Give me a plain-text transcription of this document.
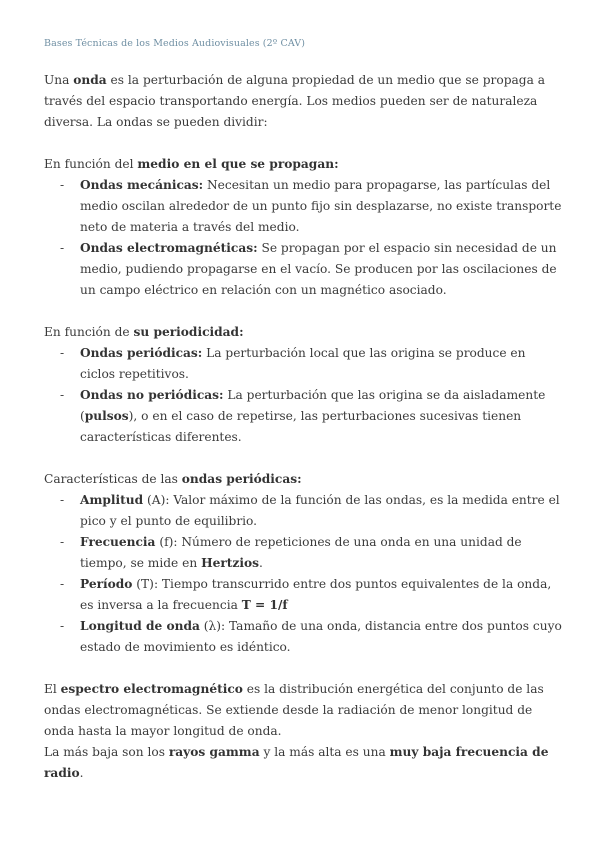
Bases Técnicas de los Medios Audiovisuales (2º CAV)

Una onda es la perturbación de alguna propiedad de un medio que se propaga a través del espacio transportando energía. Los medios pueden ser de naturaleza diversa. La ondas se pueden dividir:

En función del medio en el que se propagan:

- Ondas mecánicas: Necesitan un medio para propagarse, las partículas del medio oscilan alrededor de un punto fijo sin desplazarse, no existe transporte neto de materia a través del medio.
- Ondas electromagnéticas: Se propagan por el espacio sin necesidad de un medio, pudiendo propagarse en el vacío. Se producen por las oscilaciones de un campo eléctrico en relación con un magnético asociado.

En función de su periodicidad:

- Ondas periódicas: La perturbación local que las origina se produce en ciclos repetitivos.
- Ondas no periódicas: La perturbación que las origina se da aisladamente (pulsos), o en el caso de repetirse, las perturbaciones sucesivas tienen características diferentes.

Características de las ondas periódicas:

- Amplitud (A): Valor máximo de la función de las ondas, es la medida entre el pico y el punto de equilibrio.
- Frecuencia (f): Número de repeticiones de una onda en una unidad de tiempo, se mide en Hertzios.
- Período (T): Tiempo transcurrido entre dos puntos equivalentes de la onda, es inversa a la frecuencia T = 1/f
- Longitud de onda (λ): Tamaño de una onda, distancia entre dos puntos cuyo estado de movimiento es idéntico.

El espectro electromagnético es la distribución energética del conjunto de las ondas electromagnéticas. Se extiende desde la radiación de menor longitud de onda hasta la mayor longitud de onda.

La más baja son los rayos gamma y la más alta es una muy baja frecuencia de radio.
